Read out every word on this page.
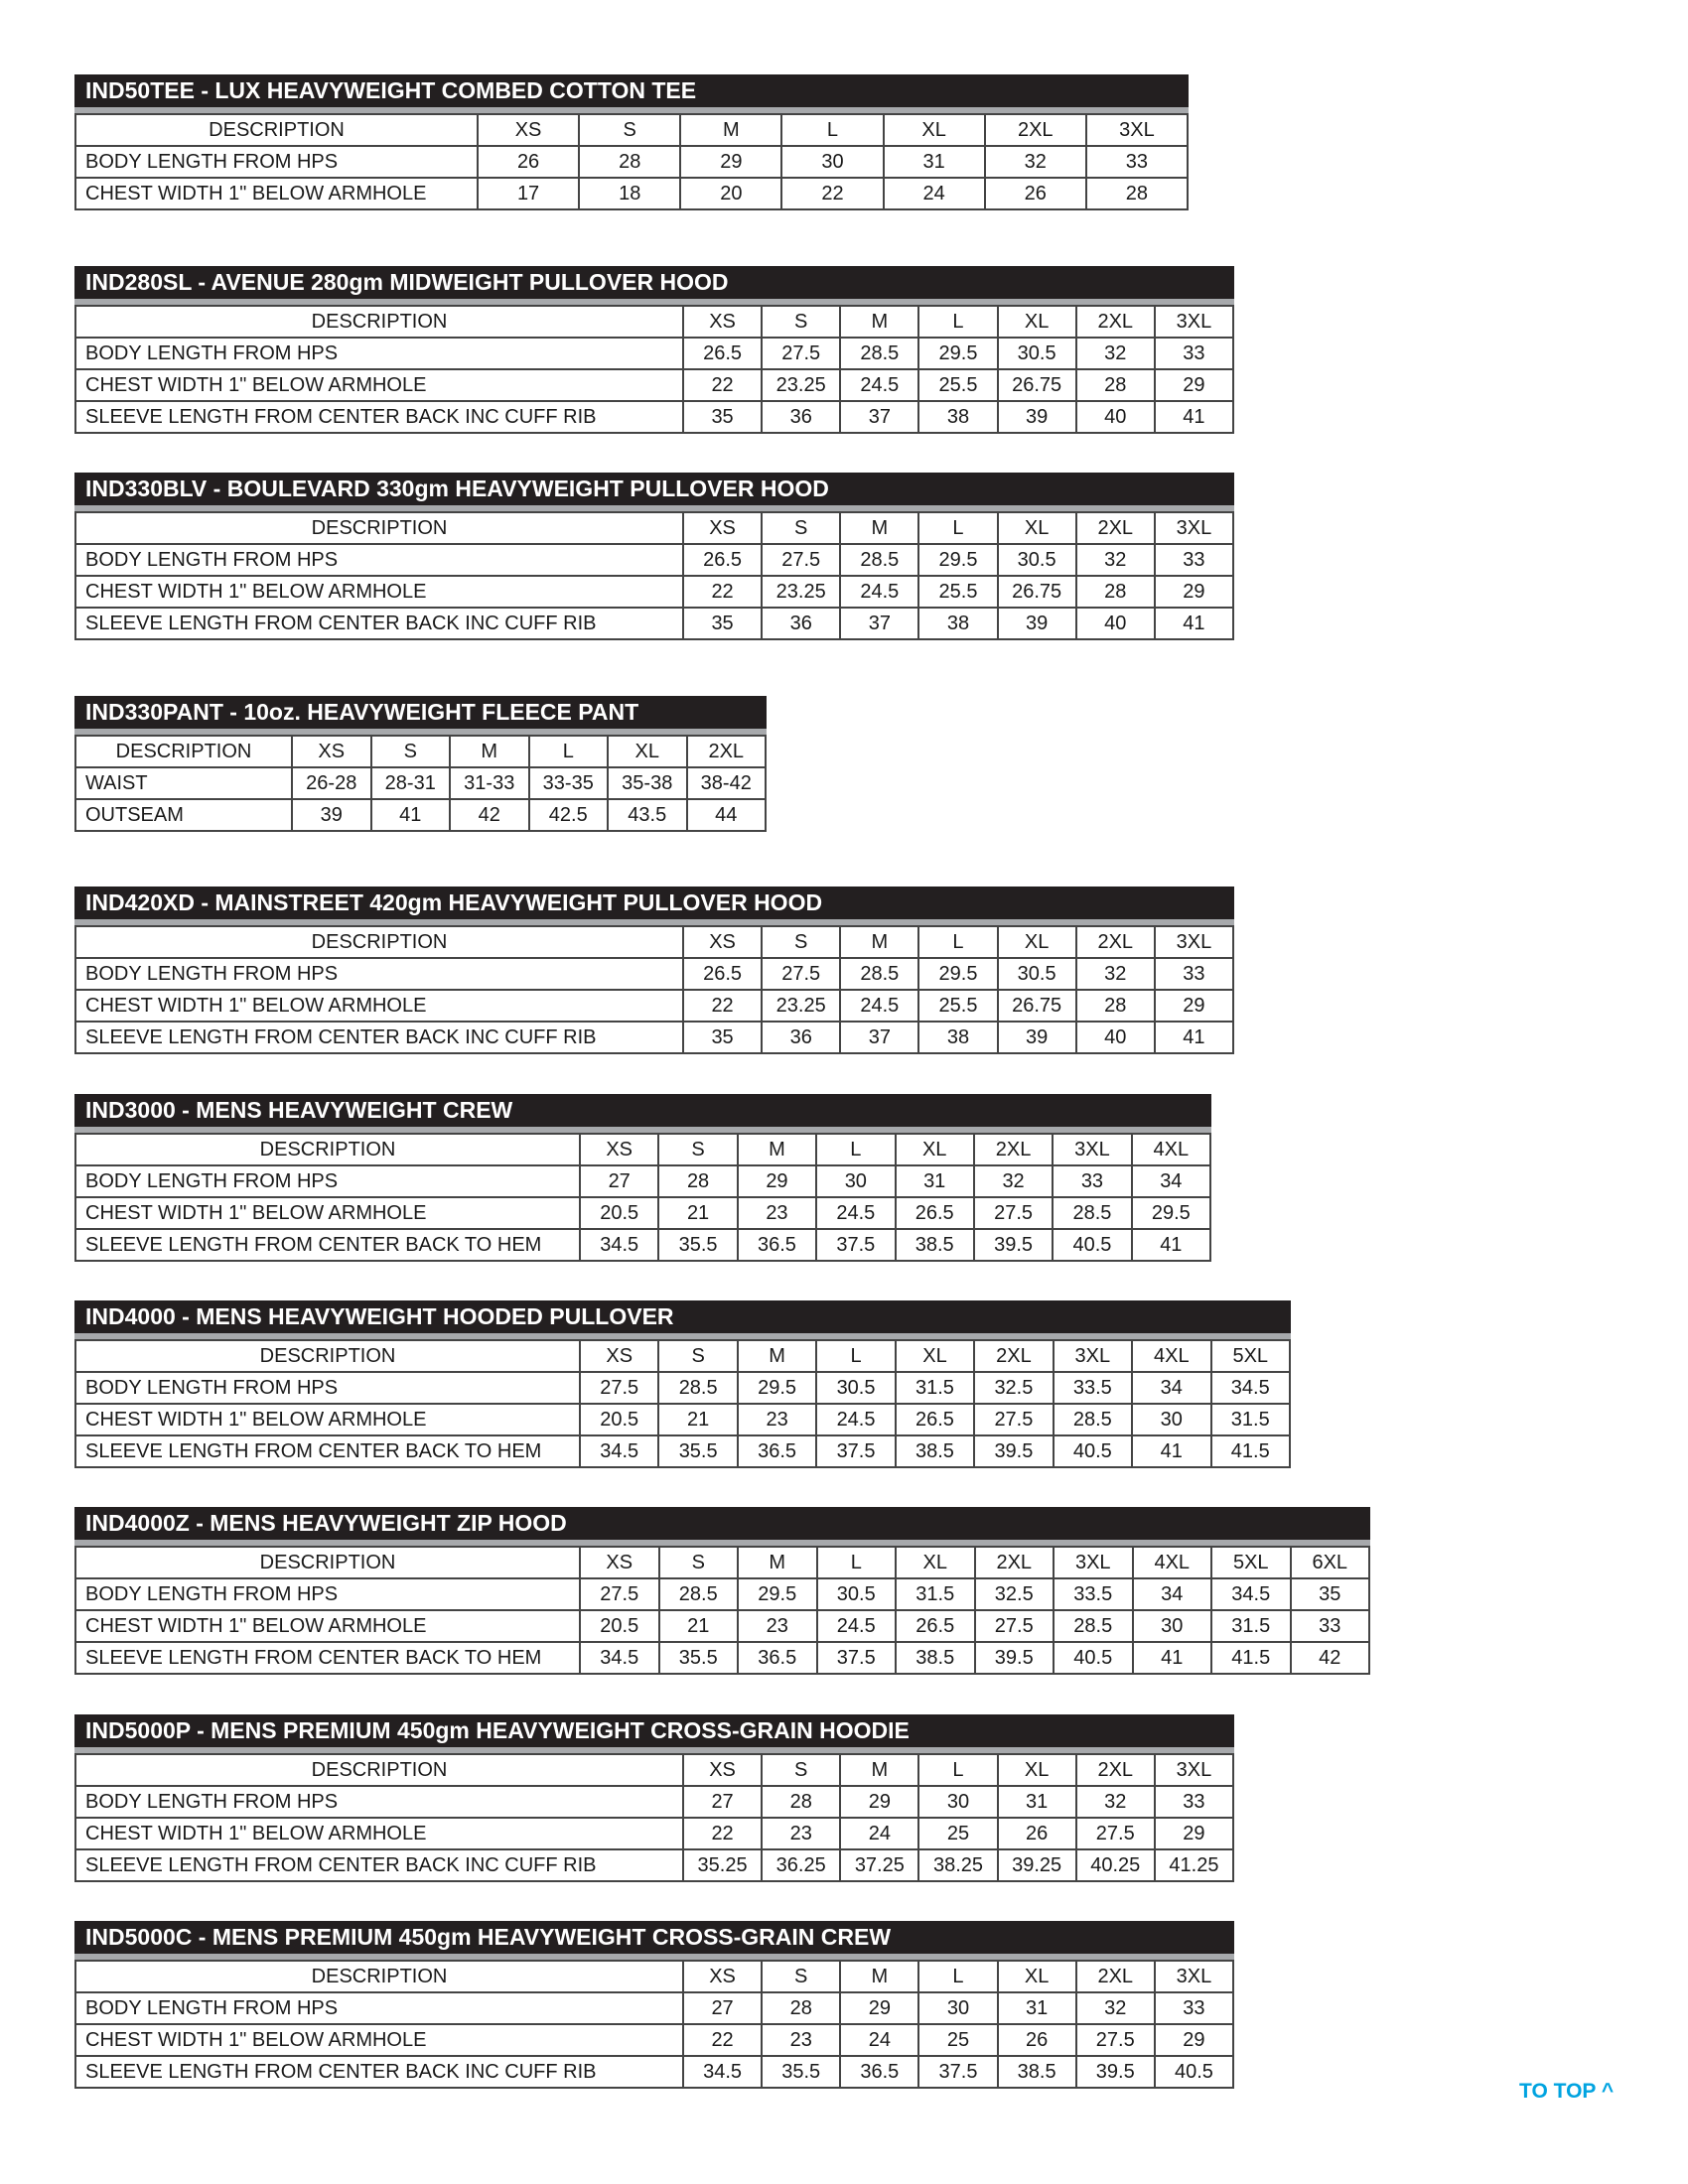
IND50TEE - LUX HEAVYWEIGHT COMBED COTTON TEE
DESCRIPTION	XS	S	M	L	XL	2XL	3XL
BODY LENGTH FROM HPS	26	28	29	30	31	32	33
CHEST WIDTH 1" BELOW ARMHOLE	17	18	20	22	24	26	28
IND280SL - AVENUE 280gm MIDWEIGHT PULLOVER HOOD
DESCRIPTION	XS	S	M	L	XL	2XL	3XL
BODY LENGTH FROM HPS	26.5	27.5	28.5	29.5	30.5	32	33
CHEST WIDTH 1" BELOW ARMHOLE	22	23.25	24.5	25.5	26.75	28	29
SLEEVE LENGTH FROM CENTER BACK INC CUFF RIB	35	36	37	38	39	40	41
IND330BLV - BOULEVARD 330gm HEAVYWEIGHT PULLOVER HOOD
DESCRIPTION	XS	S	M	L	XL	2XL	3XL
BODY LENGTH FROM HPS	26.5	27.5	28.5	29.5	30.5	32	33
CHEST WIDTH 1" BELOW ARMHOLE	22	23.25	24.5	25.5	26.75	28	29
SLEEVE LENGTH FROM CENTER BACK INC CUFF RIB	35	36	37	38	39	40	41
IND330PANT - 10oz. HEAVYWEIGHT FLEECE PANT
DESCRIPTION	XS	S	M	L	XL	2XL
WAIST	26-28	28-31	31-33	33-35	35-38	38-42
OUTSEAM	39	41	42	42.5	43.5	44
IND420XD - MAINSTREET 420gm HEAVYWEIGHT PULLOVER HOOD
DESCRIPTION	XS	S	M	L	XL	2XL	3XL
BODY LENGTH FROM HPS	26.5	27.5	28.5	29.5	30.5	32	33
CHEST WIDTH 1" BELOW ARMHOLE	22	23.25	24.5	25.5	26.75	28	29
SLEEVE LENGTH FROM CENTER BACK INC CUFF RIB	35	36	37	38	39	40	41
IND3000 - MENS HEAVYWEIGHT CREW
DESCRIPTION	XS	S	M	L	XL	2XL	3XL	4XL
BODY LENGTH FROM HPS	27	28	29	30	31	32	33	34
CHEST WIDTH 1" BELOW ARMHOLE	20.5	21	23	24.5	26.5	27.5	28.5	29.5
SLEEVE LENGTH FROM CENTER BACK TO HEM	34.5	35.5	36.5	37.5	38.5	39.5	40.5	41
IND4000 - MENS HEAVYWEIGHT HOODED PULLOVER
DESCRIPTION	XS	S	M	L	XL	2XL	3XL	4XL	5XL
BODY LENGTH FROM HPS	27.5	28.5	29.5	30.5	31.5	32.5	33.5	34	34.5
CHEST WIDTH 1" BELOW ARMHOLE	20.5	21	23	24.5	26.5	27.5	28.5	30	31.5
SLEEVE LENGTH FROM CENTER BACK TO HEM	34.5	35.5	36.5	37.5	38.5	39.5	40.5	41	41.5
IND4000Z - MENS HEAVYWEIGHT ZIP HOOD
DESCRIPTION	XS	S	M	L	XL	2XL	3XL	4XL	5XL	6XL
BODY LENGTH FROM HPS	27.5	28.5	29.5	30.5	31.5	32.5	33.5	34	34.5	35
CHEST WIDTH 1" BELOW ARMHOLE	20.5	21	23	24.5	26.5	27.5	28.5	30	31.5	33
SLEEVE LENGTH FROM CENTER BACK TO HEM	34.5	35.5	36.5	37.5	38.5	39.5	40.5	41	41.5	42
IND5000P - MENS PREMIUM 450gm HEAVYWEIGHT CROSS-GRAIN HOODIE
DESCRIPTION	XS	S	M	L	XL	2XL	3XL
BODY LENGTH FROM HPS	27	28	29	30	31	32	33
CHEST WIDTH 1" BELOW ARMHOLE	22	23	24	25	26	27.5	29
SLEEVE LENGTH FROM CENTER BACK INC CUFF RIB	35.25	36.25	37.25	38.25	39.25	40.25	41.25
IND5000C - MENS PREMIUM 450gm HEAVYWEIGHT CROSS-GRAIN CREW
DESCRIPTION	XS	S	M	L	XL	2XL	3XL
BODY LENGTH FROM HPS	27	28	29	30	31	32	33
CHEST WIDTH 1" BELOW ARMHOLE	22	23	24	25	26	27.5	29
SLEEVE LENGTH FROM CENTER BACK INC CUFF RIB	34.5	35.5	36.5	37.5	38.5	39.5	40.5
TO TOP ^
